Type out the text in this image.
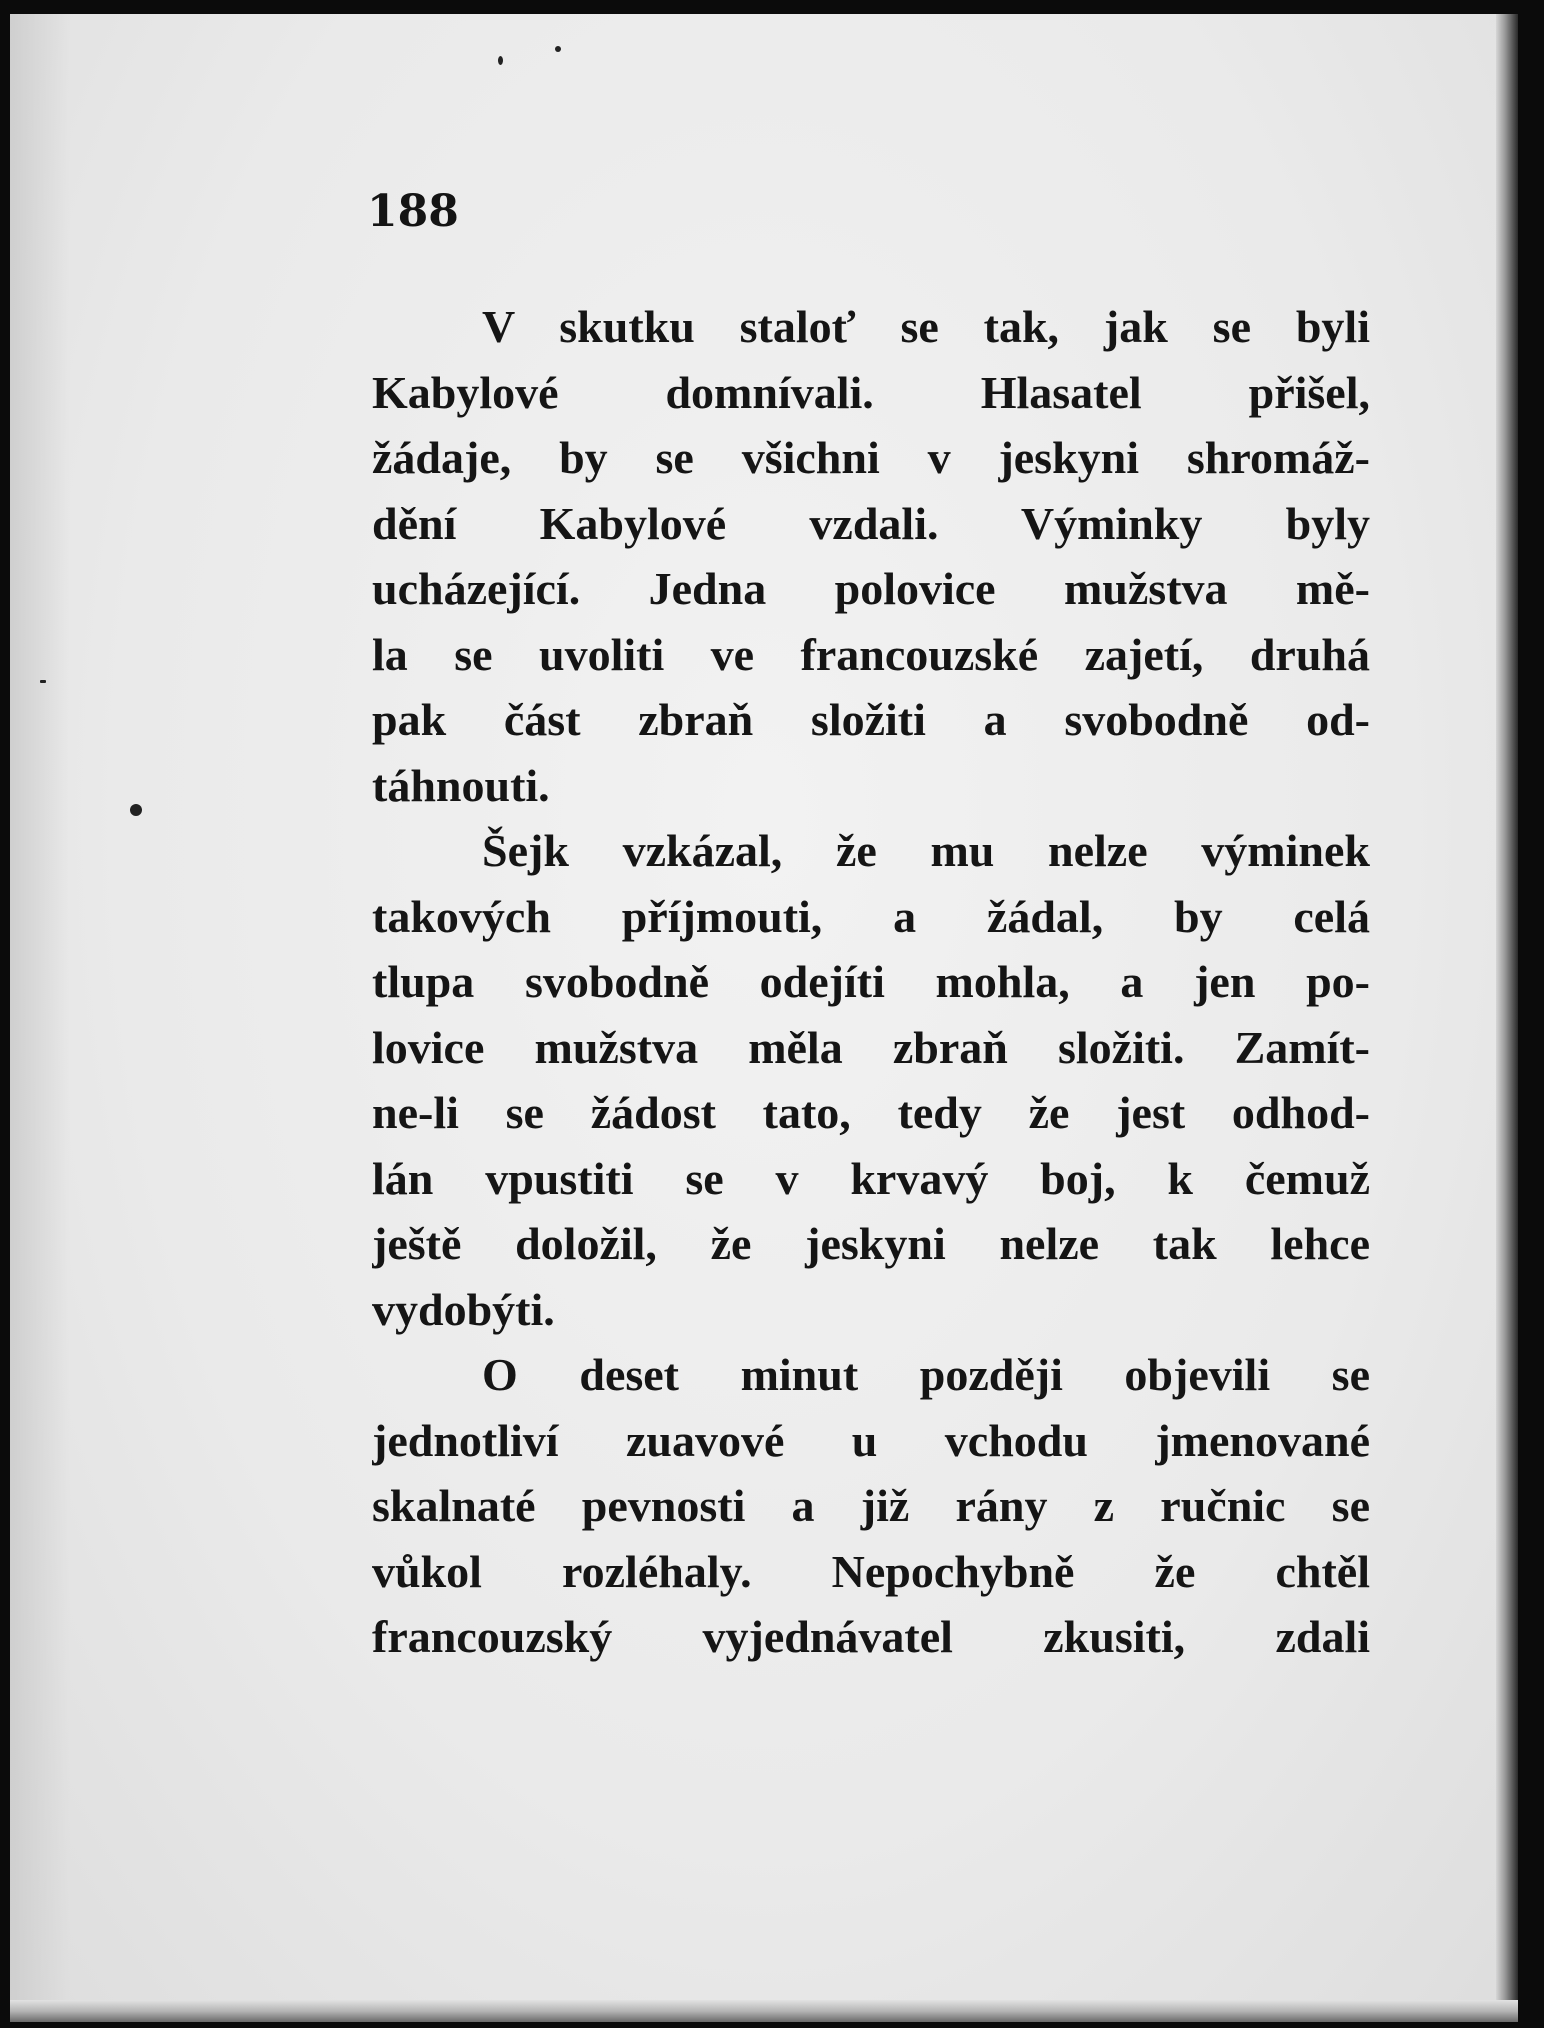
188
V skutku staloť se tak, jak se byli
Kabylové domnívali. Hlasatel přišel,
žádaje, by se všichni v jeskyni shromáž-
dění Kabylové vzdali. Výminky byly
ucházející. Jedna polovice mužstva mě-
la se uvoliti ve francouzské zajetí, druhá
pak část zbraň složiti a svobodně od-
táhnouti.
Šejk vzkázal, že mu nelze výminek
takových příjmouti, a žádal, by celá
tlupa svobodně odejíti mohla, a jen po-
lovice mužstva měla zbraň složiti. Zamít-
ne-li se žádost tato, tedy že jest odhod-
lán vpustiti se v krvavý boj, k čemuž
ještě doložil, že jeskyni nelze tak lehce
vydobýti.
O deset minut později objevili se
jednotliví zuavové u vchodu jmenované
skalnaté pevnosti a již rány z ručnic se
vůkol rozléhaly. Nepochybně že chtěl
francouzský vyjednávatel zkusiti, zdali
